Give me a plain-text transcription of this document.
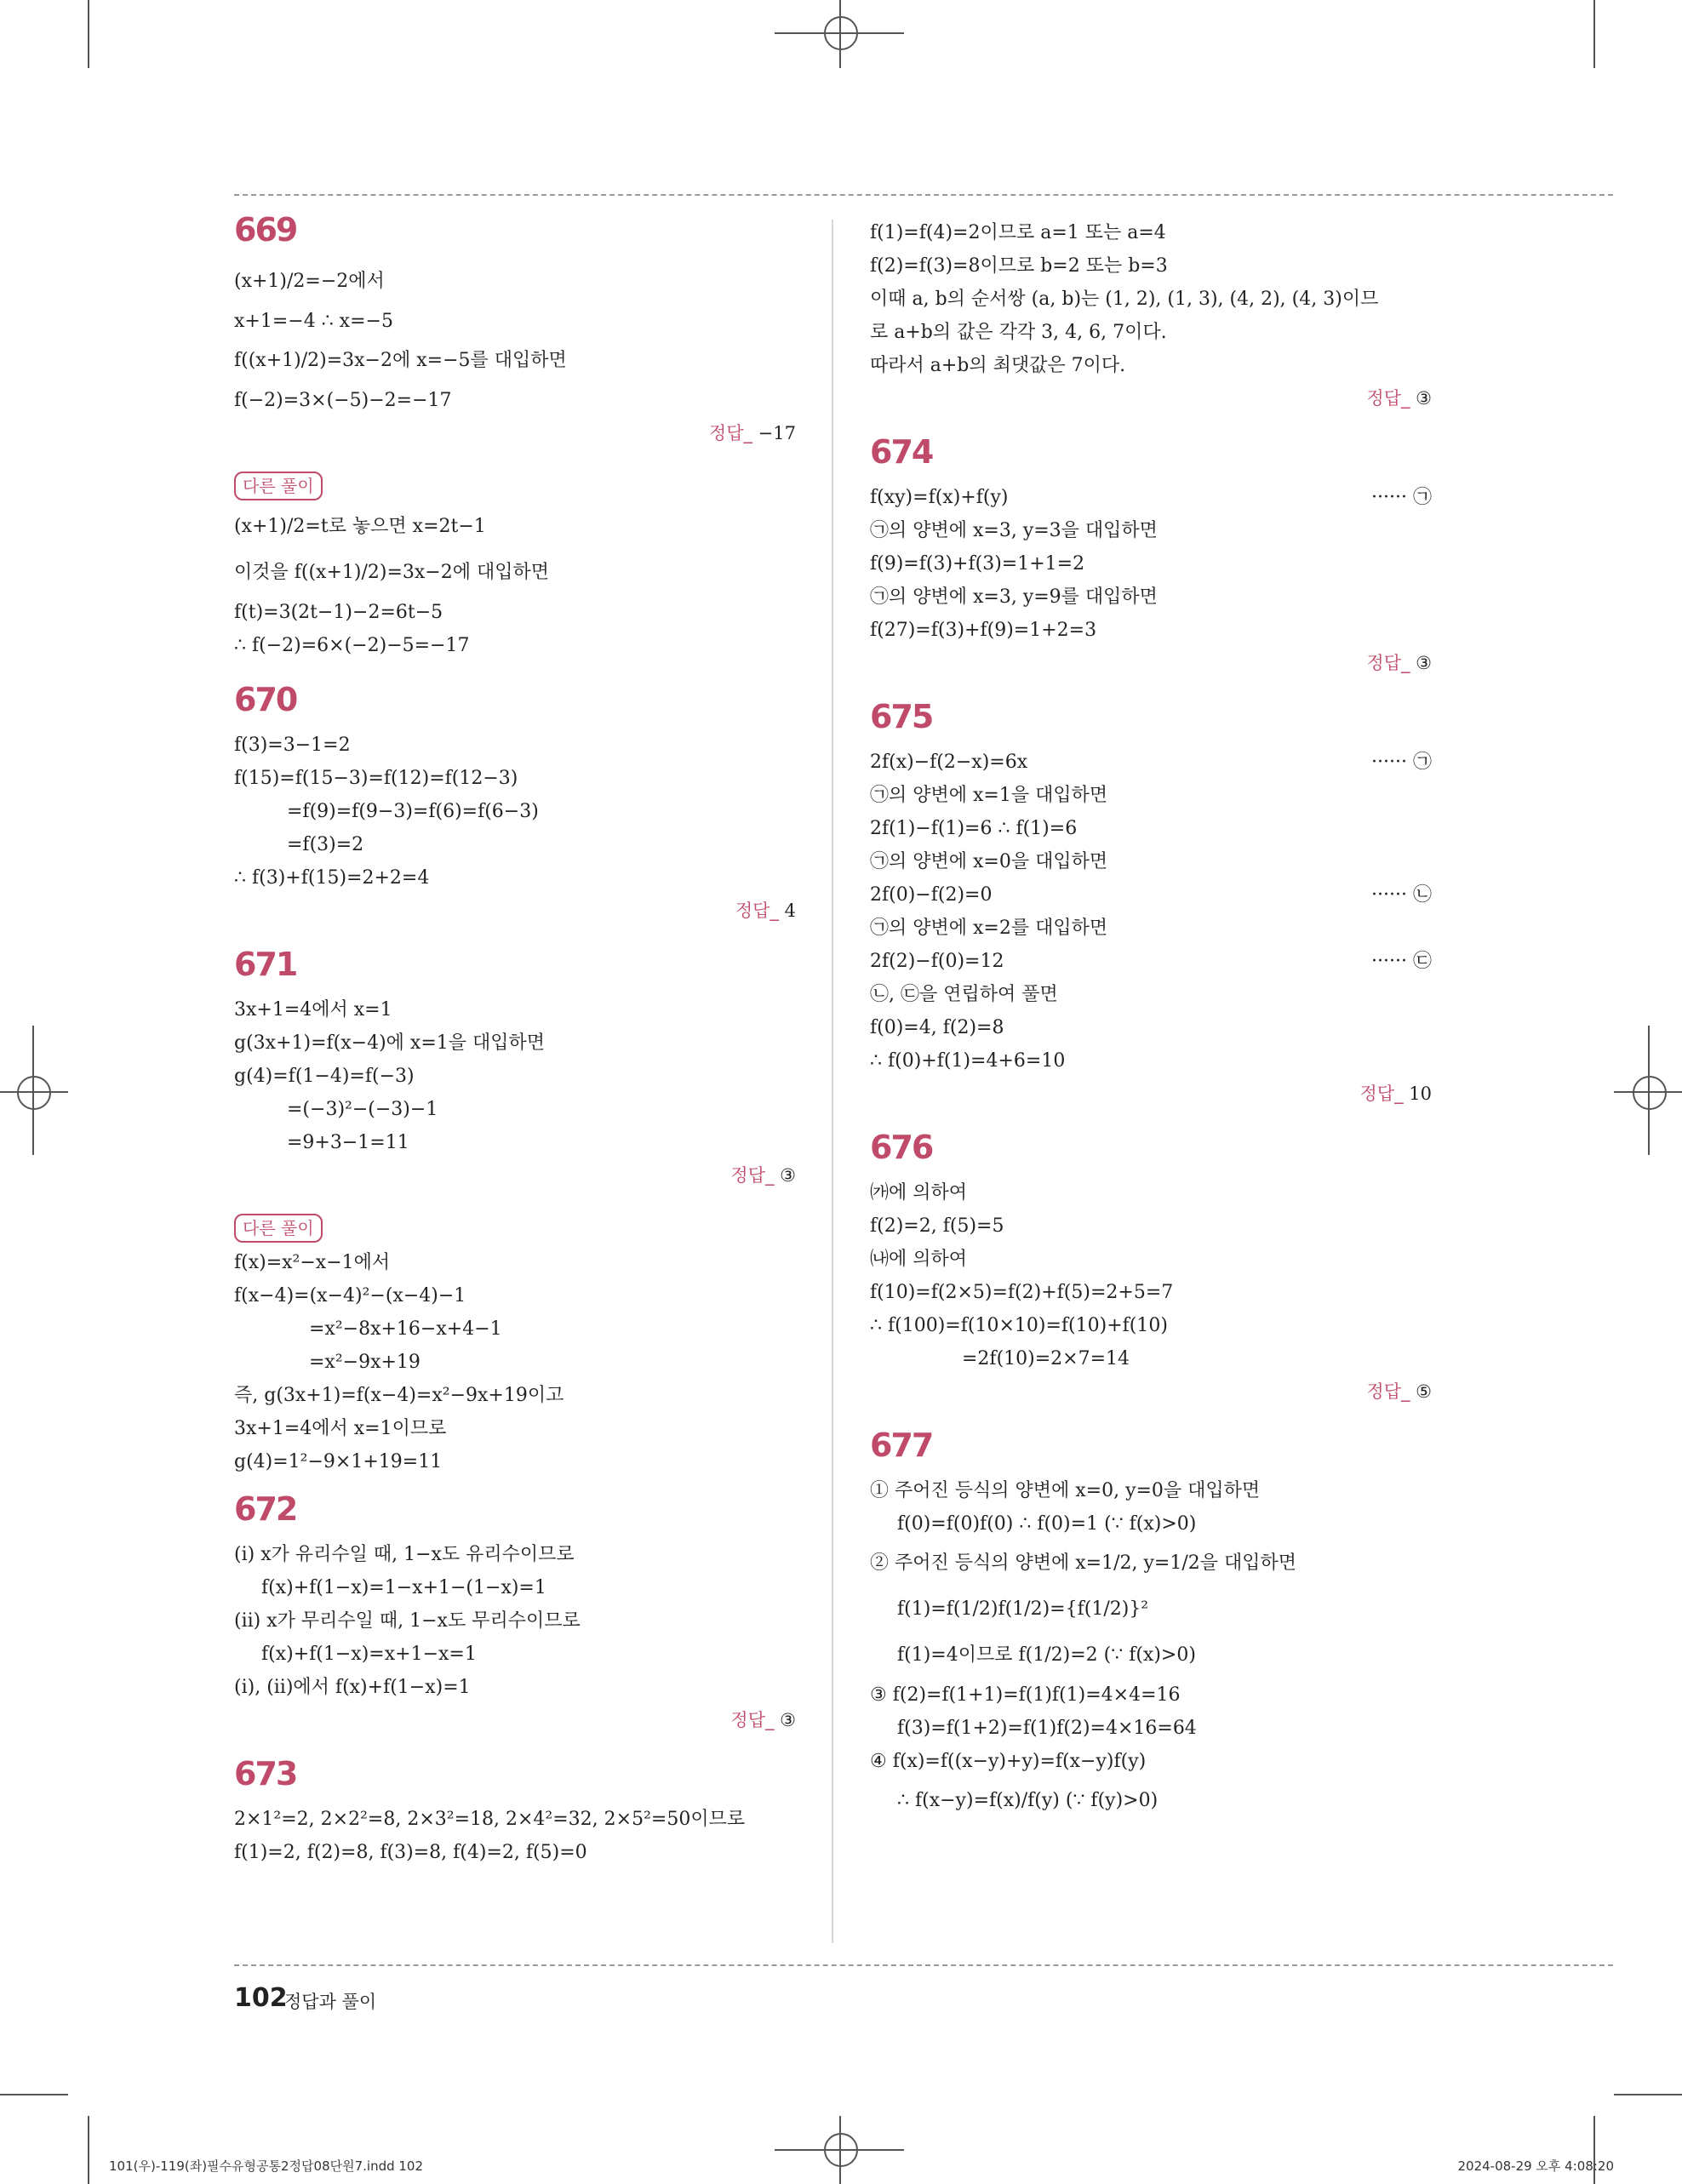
669
(x+1)/2=−2에서
x+1=−4 ∴ x=−5
f((x+1)/2)=3x−2에 x=−5를 대입하면
f(−2)=3×(−5)−2=−17
정답_ −17
다른 풀이
(x+1)/2=t로 놓으면 x=2t−1
이것을 f((x+1)/2)=3x−2에 대입하면
f(t)=3(2t−1)−2=6t−5
∴ f(−2)=6×(−2)−5=−17
670
f(3)=3−1=2
f(15)=f(15−3)=f(12)=f(12−3)
=f(9)=f(9−3)=f(6)=f(6−3)
=f(3)=2
∴ f(3)+f(15)=2+2=4
정답_ 4
671
3x+1=4에서 x=1
g(3x+1)=f(x−4)에 x=1을 대입하면
g(4)=f(1−4)=f(−3)
=(−3)²−(−3)−1
=9+3−1=11
정답_ ③
다른 풀이
f(x)=x²−x−1에서
f(x−4)=(x−4)²−(x−4)−1
=x²−8x+16−x+4−1
=x²−9x+19
즉, g(3x+1)=f(x−4)=x²−9x+19이고
3x+1=4에서 x=1이므로
g(4)=1²−9×1+19=11
672
(ⅰ) x가 유리수일 때, 1−x도 유리수이므로
f(x)+f(1−x)=1−x+1−(1−x)=1
(ⅱ) x가 무리수일 때, 1−x도 무리수이므로
f(x)+f(1−x)=x+1−x=1
(ⅰ), (ⅱ)에서 f(x)+f(1−x)=1
정답_ ③
673
2×1²=2, 2×2²=8, 2×3²=18, 2×4²=32, 2×5²=50이므로
f(1)=2, f(2)=8, f(3)=8, f(4)=2, f(5)=0
f(1)=f(4)=2이므로 a=1 또는 a=4
f(2)=f(3)=8이므로 b=2 또는 b=3
이때 a, b의 순서쌍 (a, b)는 (1, 2), (1, 3), (4, 2), (4, 3)이므
로 a+b의 값은 각각 3, 4, 6, 7이다.
따라서 a+b의 최댓값은 7이다.
정답_ ③
674
f(xy)=f(x)+f(y)	······ ㉠
㉠의 양변에 x=3, y=3을 대입하면
f(9)=f(3)+f(3)=1+1=2
㉠의 양변에 x=3, y=9를 대입하면
f(27)=f(3)+f(9)=1+2=3
정답_ ③
675
2f(x)−f(2−x)=6x	······ ㉠
㉠의 양변에 x=1을 대입하면
2f(1)−f(1)=6 ∴ f(1)=6
㉠의 양변에 x=0을 대입하면
2f(0)−f(2)=0	······ ㉡
㉠의 양변에 x=2를 대입하면
2f(2)−f(0)=12	······ ㉢
㉡, ㉢을 연립하여 풀면
f(0)=4, f(2)=8
∴ f(0)+f(1)=4+6=10
정답_ 10
676
㈎에 의하여
f(2)=2, f(5)=5
㈏에 의하여
f(10)=f(2×5)=f(2)+f(5)=2+5=7
∴ f(100)=f(10×10)=f(10)+f(10)
=2f(10)=2×7=14
정답_ ⑤
677
① 주어진 등식의 양변에 x=0, y=0을 대입하면
f(0)=f(0)f(0) ∴ f(0)=1 (∵ f(x)>0)
② 주어진 등식의 양변에 x=1/2, y=1/2을 대입하면
f(1)=f(1/2)f(1/2)={f(1/2)}²
f(1)=4이므로 f(1/2)=2 (∵ f(x)>0)
③ f(2)=f(1+1)=f(1)f(1)=4×4=16
f(3)=f(1+2)=f(1)f(2)=4×16=64
④ f(x)=f((x−y)+y)=f(x−y)f(y)
∴ f(x−y)=f(x)/f(y) (∵ f(y)>0)
102
정답과 풀이
101(우)-119(좌)필수유형공통2정답08단원7.indd 102	2024-08-29 오후 4:08:20
